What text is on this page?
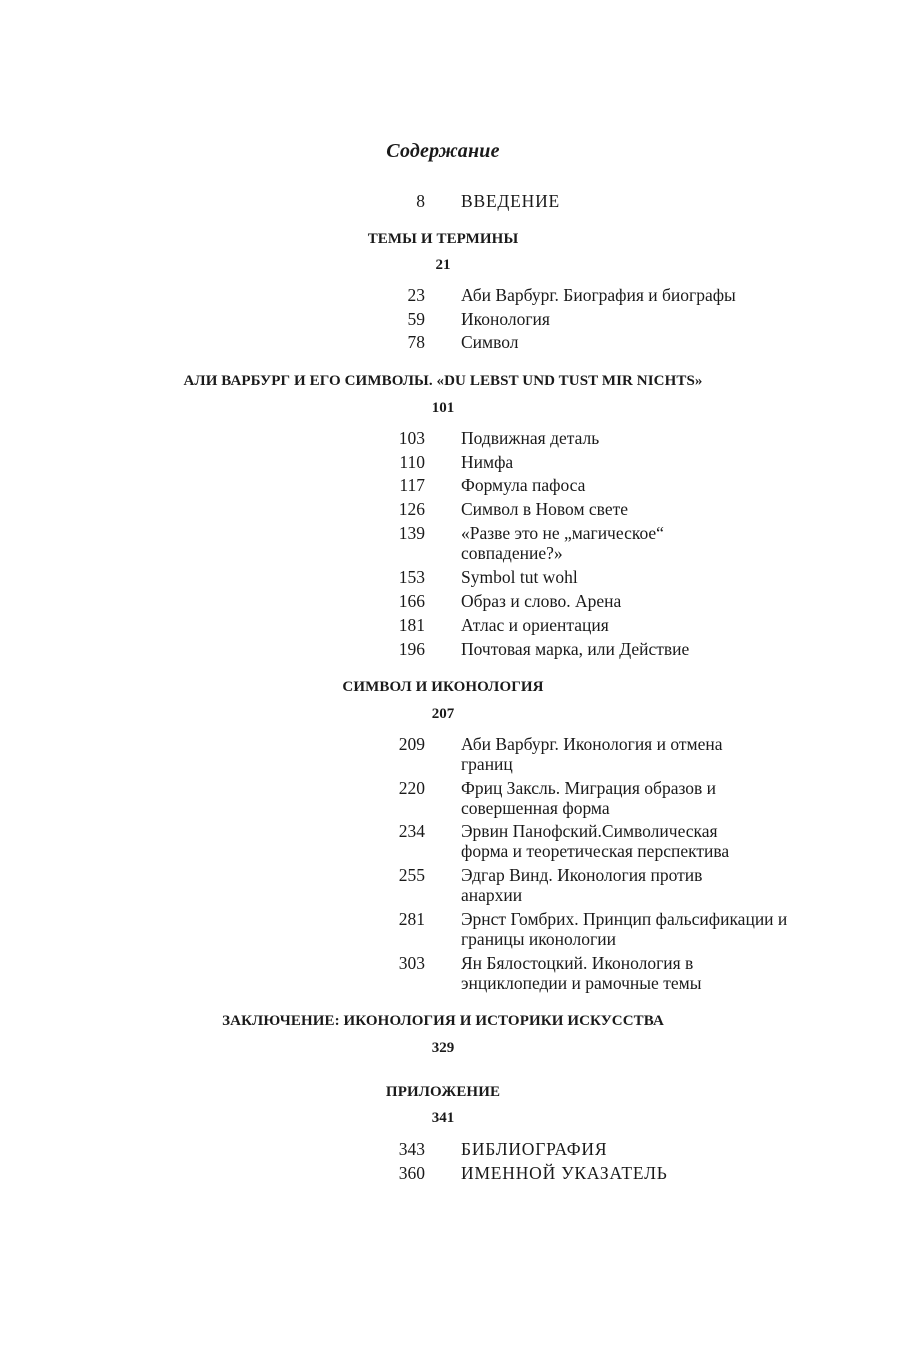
Содержание
8 ВВЕДЕНИЕ
ТЕМЫ И ТЕРМИНЫ
21
23 Аби Варбург. Биография и биографы
59 Иконология
78 Символ
АЛИ ВАРБУРГ И ЕГО СИМВОЛЫ. «DU LEBST UND TUST MIR NICHTS»
101
103 Подвижная деталь
110 Нимфа
117 Формула пафоса
126 Символ в Новом свете
139 «Разве это не „магическое“ совпадение?»
153 Symbol tut wohl
166 Образ и слово. Арена
181 Атлас и ориентация
196 Почтовая марка, или Действие
СИМВОЛ И ИКОНОЛОГИЯ
207
209 Аби Варбург. Иконология и отмена границ
220 Фриц Заксль. Миграция образов и совершенная форма
234 Эрвин Панофский.Символическая форма и теоретическая перспектива
255 Эдгар Винд. Иконология против анархии
281 Эрнст Гомбрих. Принцип фальсификации и границы иконологии
303 Ян Бялостоцкий. Иконология в энциклопедии и рамочные темы
ЗАКЛЮЧЕНИЕ: ИКОНОЛОГИЯ И ИСТОРИКИ ИСКУССТВА
329
ПРИЛОЖЕНИЕ
341
343 БИБЛИОГРАФИЯ
360 ИМЕННОЙ УКАЗАТЕЛЬ
